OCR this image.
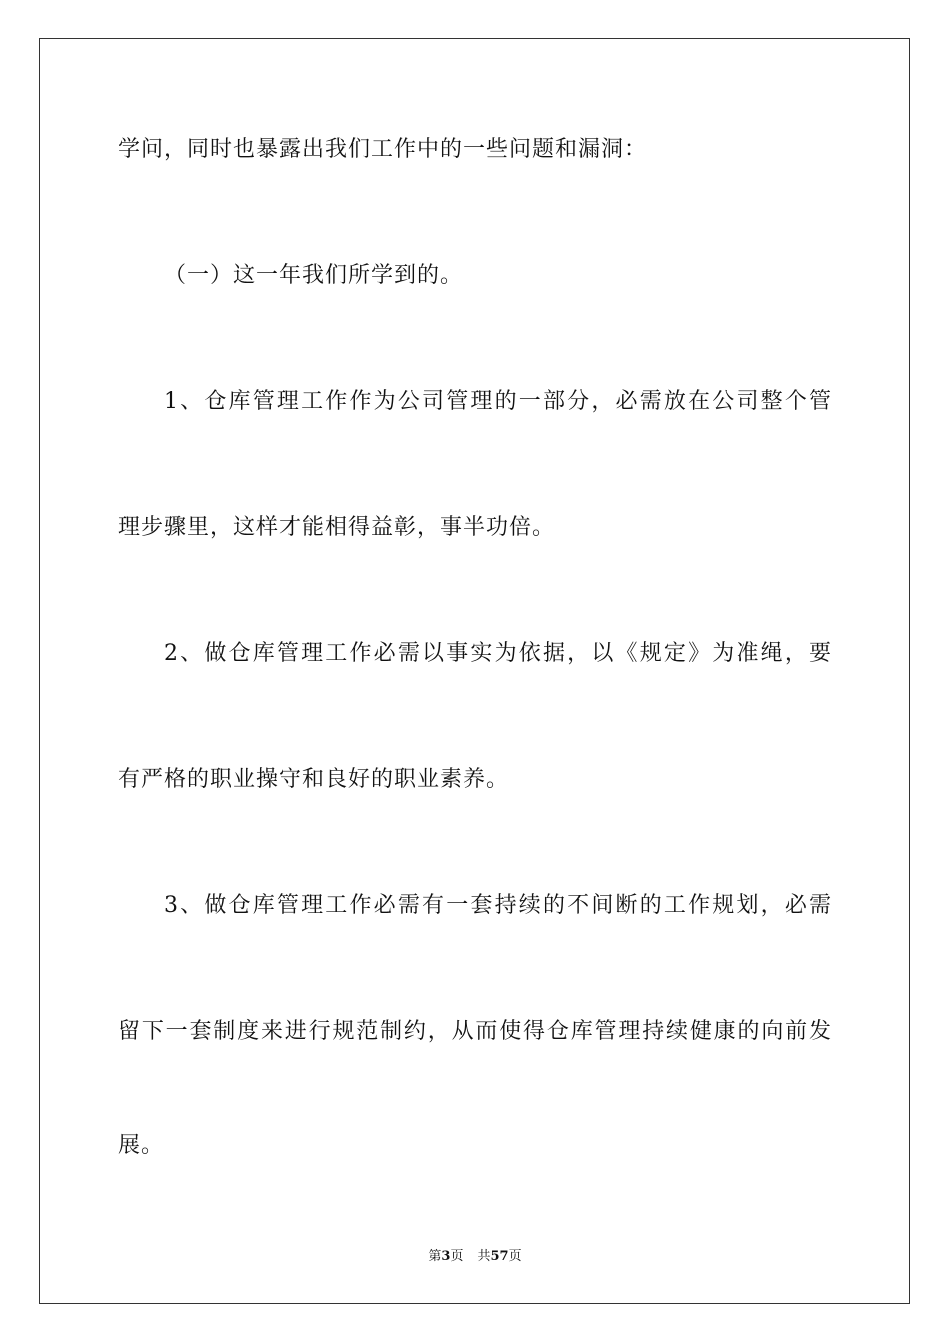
学问，同时也暴露出我们工作中的一些问题和漏洞：
（一）这一年我们所学到的。
1、仓库管理工作作为公司管理的一部分，必需放在公司整个管
理步骤里，这样才能相得益彰，事半功倍。
2、做仓库管理工作必需以事实为依据，以《规定》为准绳，要
有严格的职业操守和良好的职业素养。
3、做仓库管理工作必需有一套持续的不间断的工作规划，必需
留下一套制度来进行规范制约，从而使得仓库管理持续健康的向前发
展。
第3页 共57页
